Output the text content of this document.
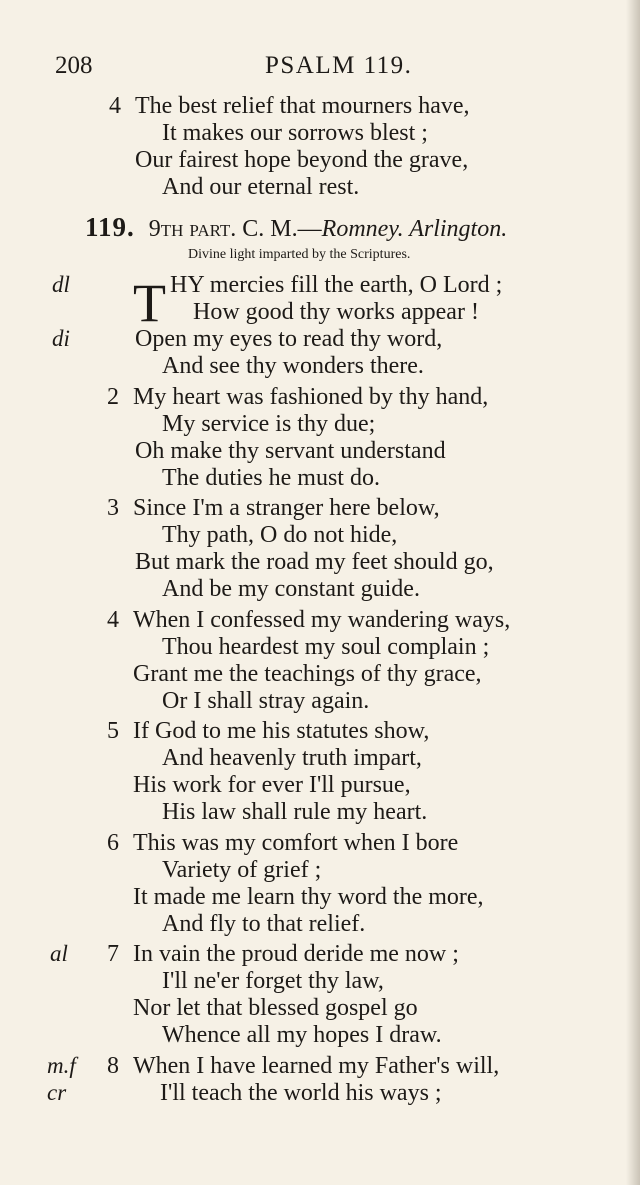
208	PSALM 119.
4 The best relief that mourners have,
It makes our sorrows blest ;
Our fairest hope beyond the grave,
And our eternal rest.
119. 9th part. C. M.—Romney. Arlington.
Divine light imparted by the Scriptures.
T
dl	HY mercies fill the earth, O Lord ;
How good thy works appear !
di	Open my eyes to read thy word,
And see thy wonders there.
2 My heart was fashioned by thy hand,
My service is thy due;
Oh make thy servant understand
The duties he must do.
3 Since I'm a stranger here below,
Thy path, O do not hide,
But mark the road my feet should go,
And be my constant guide.
4 When I confessed my wandering ways,
Thou heardest my soul complain ;
Grant me the teachings of thy grace,
Or I shall stray again.
5 If God to me his statutes show,
And heavenly truth impart,
His work for ever I'll pursue,
His law shall rule my heart.
6 This was my comfort when I bore
Variety of grief ;
It made me learn thy word the more,
And fly to that relief.
al 7 In vain the proud deride me now ;
I'll ne'er forget thy law,
Nor let that blessed gospel go
Whence all my hopes I draw.
m.f 8 When I have learned my Father's will,
cr	I'll teach the world his ways ;
